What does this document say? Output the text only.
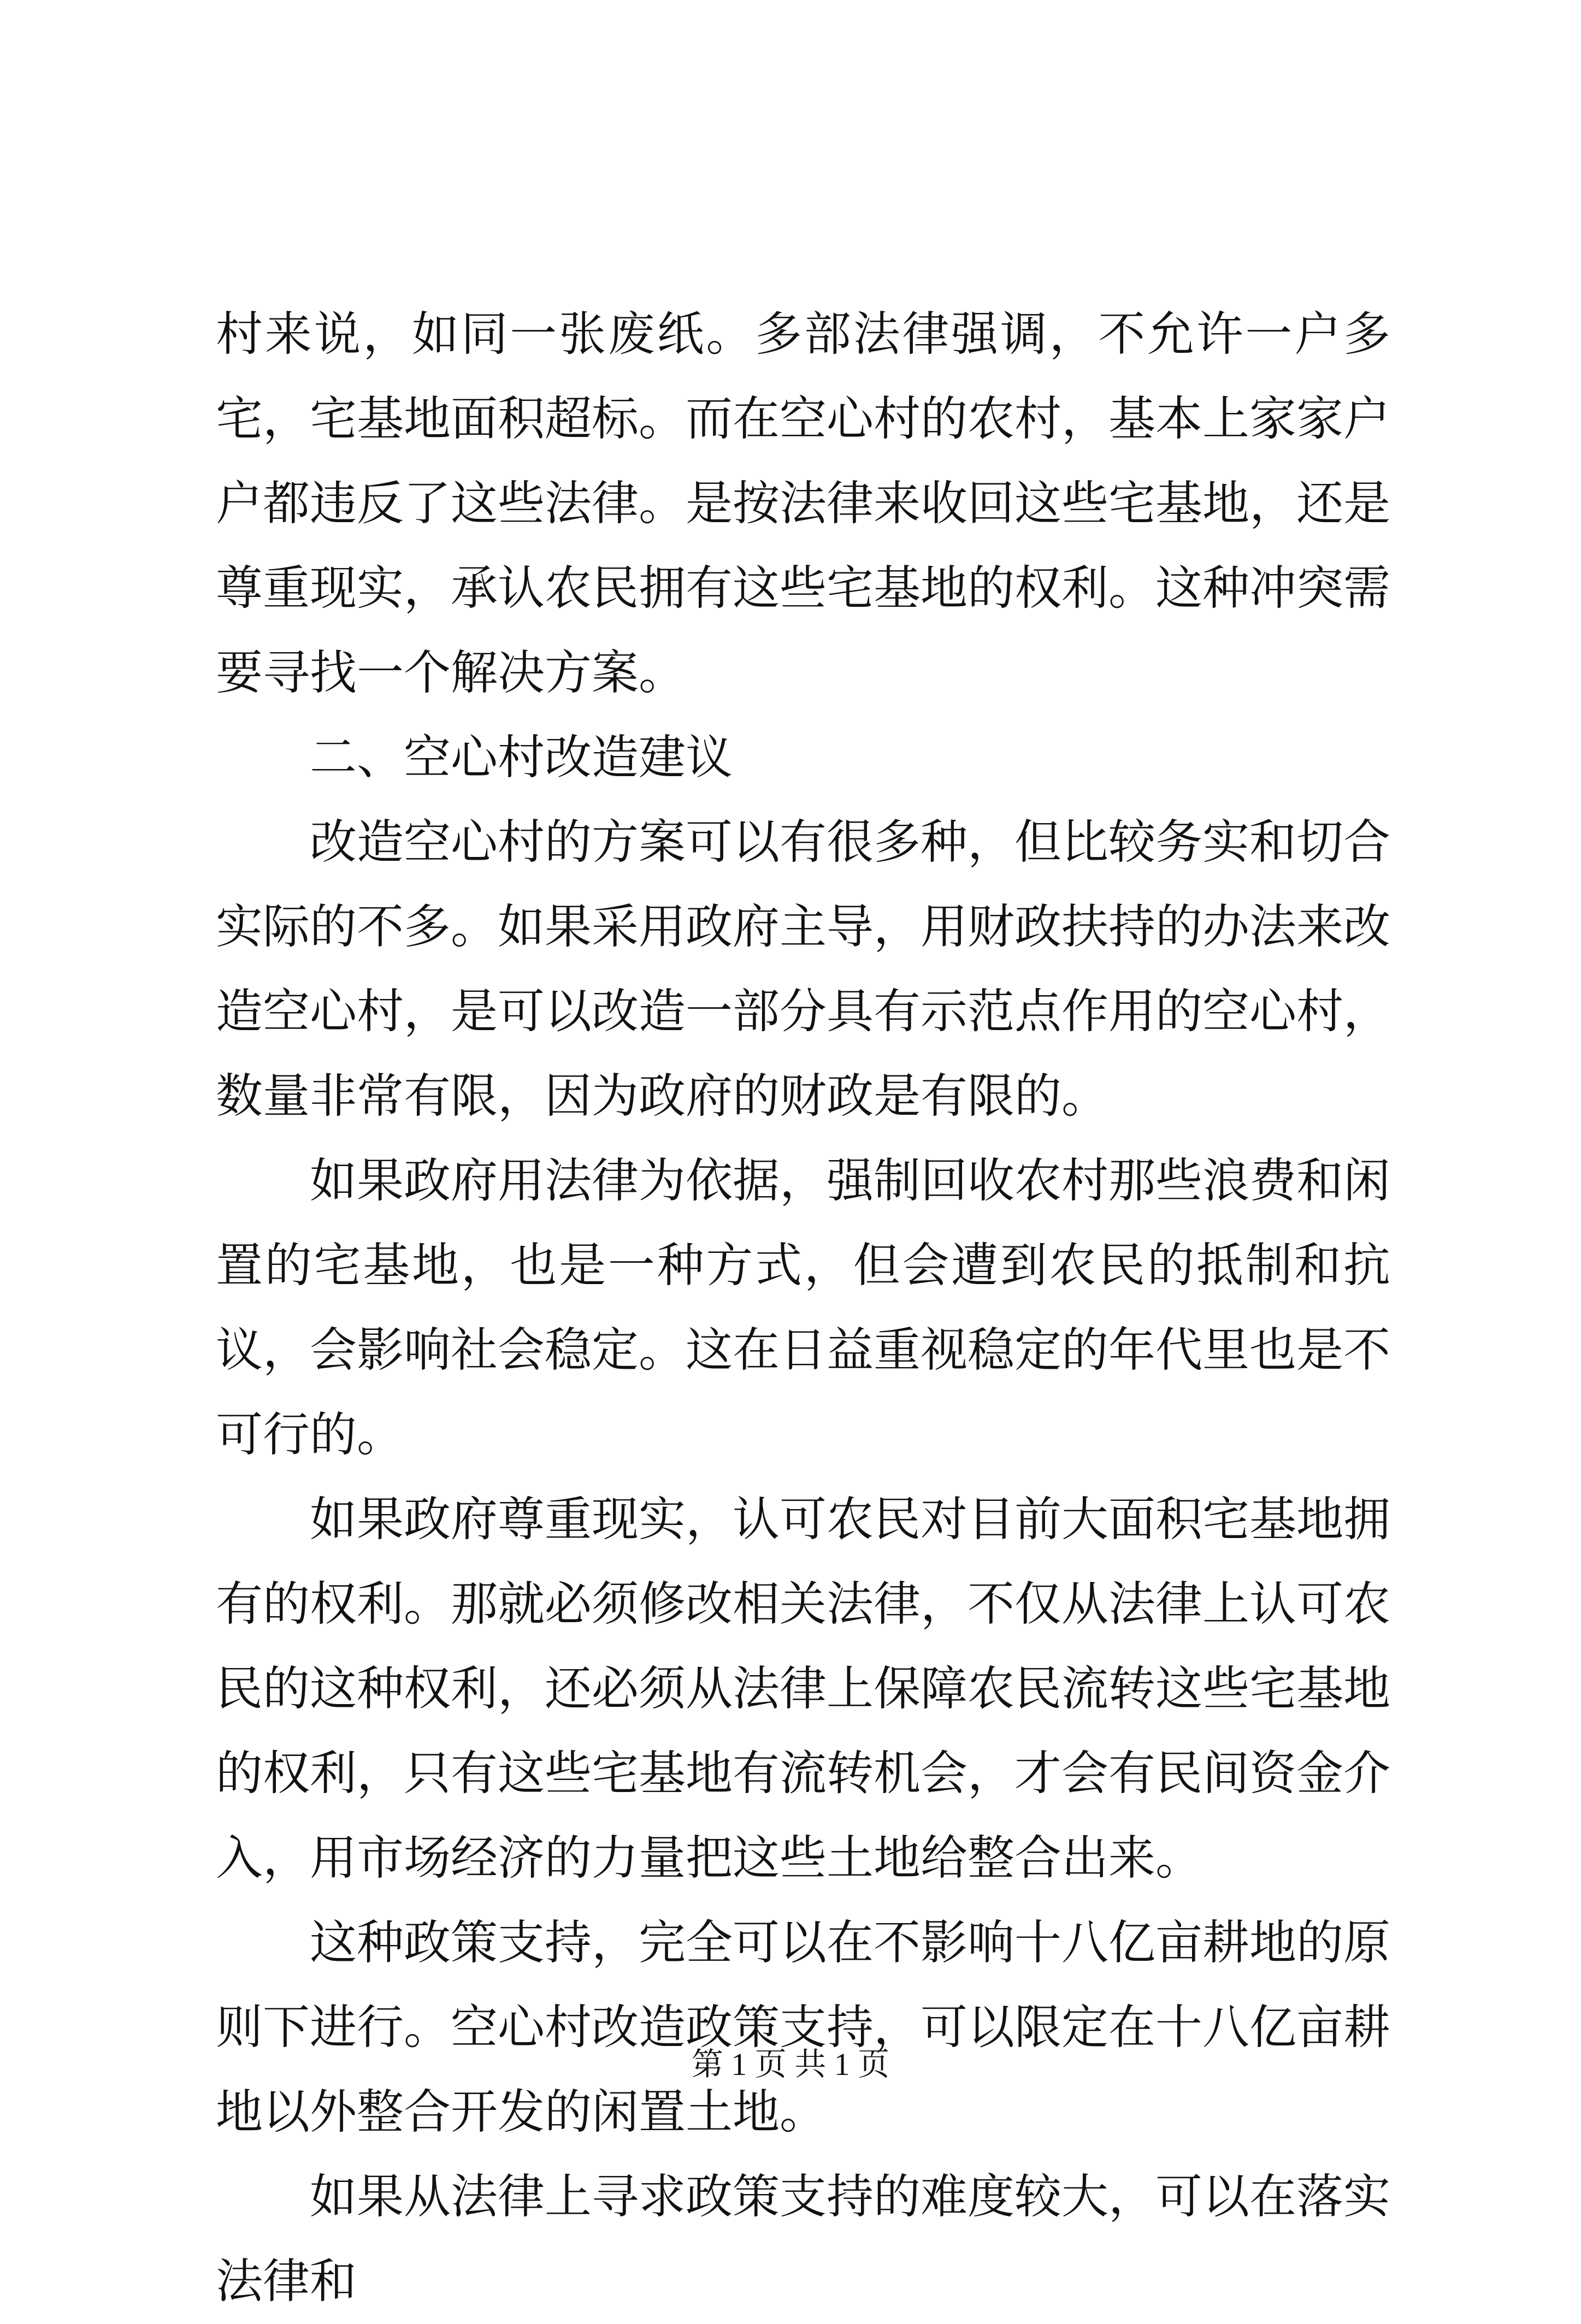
村来说，如同一张废纸。多部法律强调，不允许一户多宅，宅基地面积超标。而在空心村的农村，基本上家家户户都违反了这些法律。是按法律来收回这些宅基地，还是尊重现实，承认农民拥有这些宅基地的权利。这种冲突需要寻找一个解决方案。

二、空心村改造建议

改造空心村的方案可以有很多种，但比较务实和切合实际的不多。如果采用政府主导，用财政扶持的办法来改造空心村，是可以改造一部分具有示范点作用的空心村，数量非常有限，因为政府的财政是有限的。

如果政府用法律为依据，强制回收农村那些浪费和闲置的宅基地，也是一种方式，但会遭到农民的抵制和抗议，会影响社会稳定。这在日益重视稳定的年代里也是不可行的。

如果政府尊重现实，认可农民对目前大面积宅基地拥有的权利。那就必须修改相关法律，不仅从法律上认可农民的这种权利，还必须从法律上保障农民流转这些宅基地的权利，只有这些宅基地有流转机会，才会有民间资金介入，用市场经济的力量把这些土地给整合出来。

这种政策支持，完全可以在不影响十八亿亩耕地的原则下进行。空心村改造政策支持，可以限定在十八亿亩耕地以外整合开发的闲置土地。

如果从法律上寻求政策支持的难度较大，可以在落实法律和

第 1 页 共 1 页
